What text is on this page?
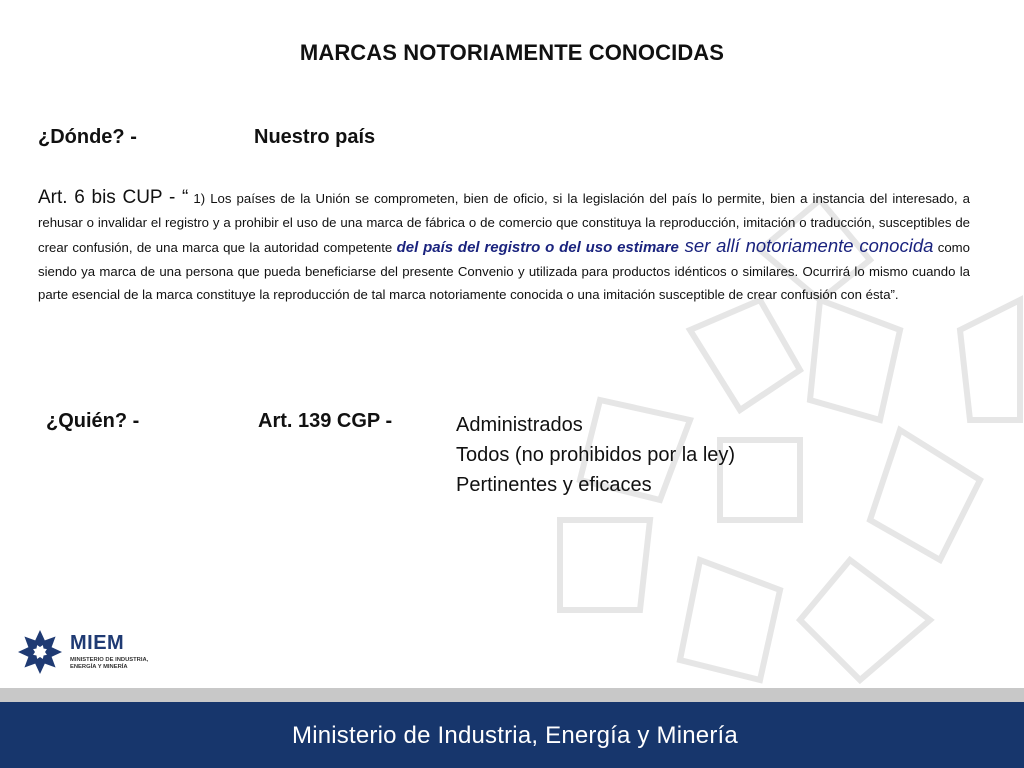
MARCAS NOTORIAMENTE CONOCIDAS
¿Dónde? -	Nuestro país
Art. 6 bis CUP - “ 1) Los países de la Unión se comprometen, bien de oficio, si la legislación del país lo permite, bien a instancia del interesado, a rehusar o invalidar el registro y a prohibir el uso de una marca de fábrica o de comercio que constituya la reproducción, imitación o traducción, susceptibles de crear confusión, de una marca que la autoridad competente del país del registro o del uso estimare ser allí notoriamente conocida como siendo ya marca de una persona que pueda beneficiarse del presente Convenio y utilizada para productos idénticos o similares. Ocurrirá lo mismo cuando la parte esencial de la marca constituye la reproducción de tal marca notoriamente conocida o una imitación susceptible de crear confusión con ésta”.
¿Quién? -	Art. 139 CGP -	Administrados
Todos (no prohibidos por la ley)
Pertinentes y eficaces
MIEM
MINISTERIO DE INDUSTRIA, ENERGÍA Y MINERÍA
Ministerio de Industria, Energía y Minería
